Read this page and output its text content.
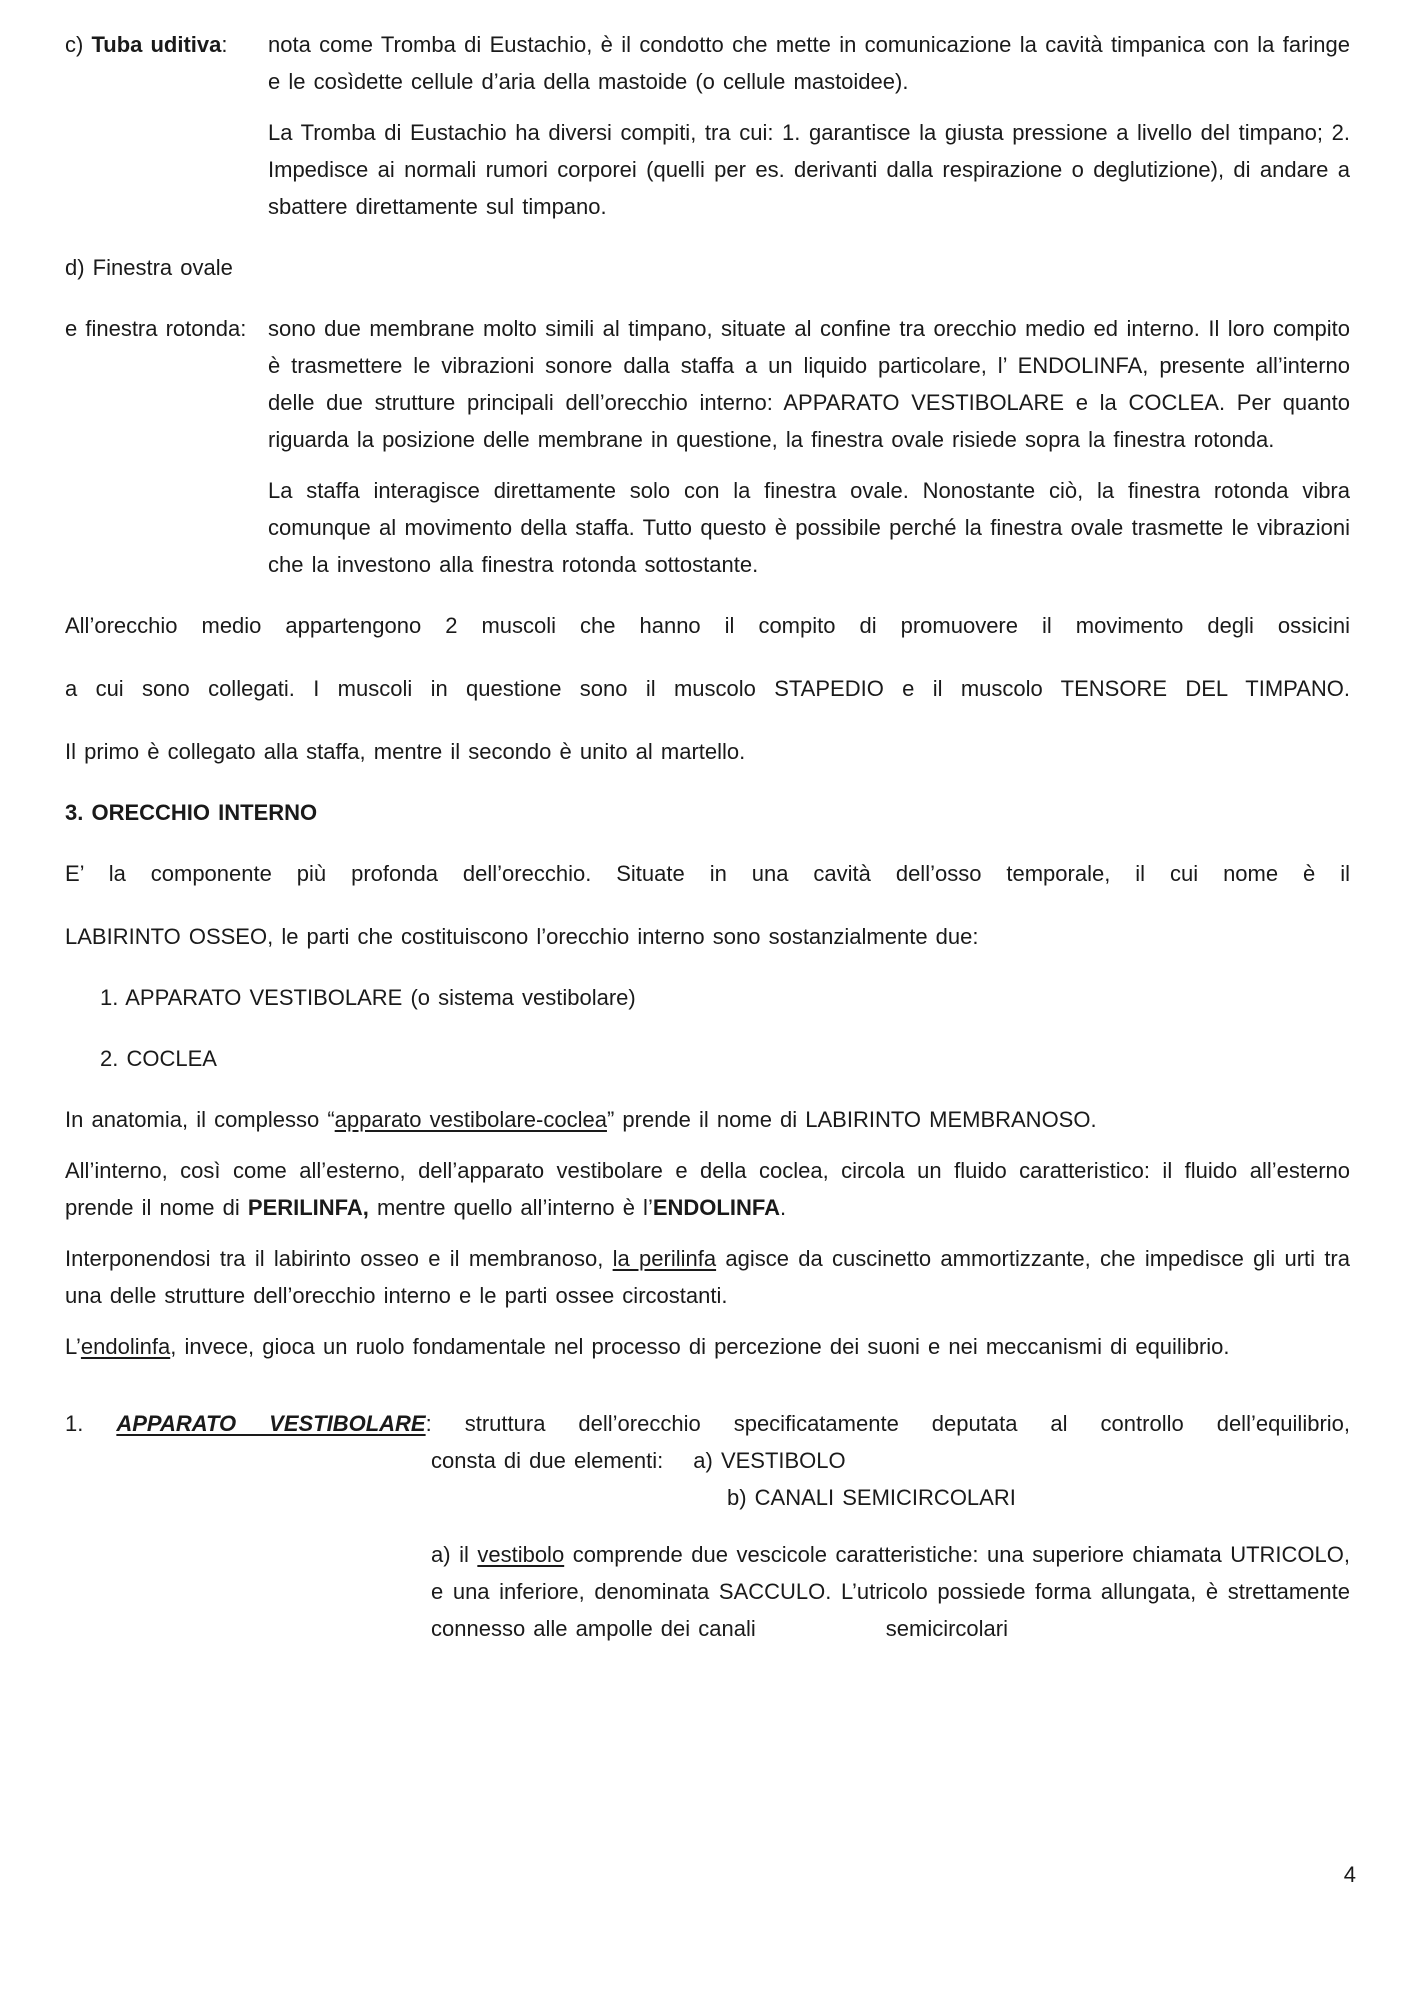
c) Tuba uditiva: nota come Tromba di Eustachio, è il condotto che mette in comunicazione la cavità timpanica con la faringe e le cosìdette cellule d’aria della mastoide (o cellule mastoidee).
La Tromba di Eustachio ha diversi compiti, tra cui: 1. garantisce la giusta pressione a livello del timpano; 2. Impedisce ai normali rumori corporei (quelli per es. derivanti dalla respirazione o deglutizione), di andare a sbattere direttamente sul timpano.
d) Finestra ovale
e finestra rotonda: sono due membrane molto simili al timpano, situate al confine tra orecchio medio ed interno. Il loro compito è trasmettere le vibrazioni sonore dalla staffa a un liquido particolare, l’ ENDOLINFA, presente all’interno delle due strutture principali dell’orecchio interno: APPARATO VESTIBOLARE e la COCLEA. Per quanto riguarda la posizione delle membrane in questione, la finestra ovale risiede sopra la finestra rotonda.
La staffa interagisce direttamente solo con la finestra ovale. Nonostante ciò, la finestra rotonda vibra comunque al movimento della staffa. Tutto questo è possibile perché la finestra ovale trasmette le vibrazioni che la investono alla finestra rotonda sottostante.
All’orecchio medio appartengono 2 muscoli che hanno il compito di promuovere il movimento degli ossicini
a cui sono collegati. I muscoli in questione sono il muscolo STAPEDIO e il muscolo TENSORE DEL TIMPANO.
Il primo è collegato alla staffa, mentre il secondo è unito al martello.
3. ORECCHIO INTERNO
E’ la componente più profonda dell’orecchio. Situate in una cavità dell’osso temporale, il cui nome è il
LABIRINTO OSSEO, le parti che costituiscono l’orecchio interno sono sostanzialmente due:
1. APPARATO VESTIBOLARE (o sistema vestibolare)
2. COCLEA
In anatomia, il complesso “apparato vestibolare-coclea” prende il nome di LABIRINTO MEMBRANOSO.
All’interno, così come all’esterno, dell’apparato vestibolare e della coclea, circola un fluido caratteristico: il fluido all’esterno prende il nome di PERILINFA, mentre quello all’interno è l’ENDOLINFA.
Interponendosi tra il labirinto osseo e il membranoso, la perilinfa agisce da cuscinetto ammortizzante, che impedisce gli urti tra una delle strutture dell’orecchio interno e le parti ossee circostanti.
L’endolinfa, invece, gioca un ruolo fondamentale nel processo di percezione dei suoni e nei meccanismi di equilibrio.
1. APPARATO VESTIBOLARE: struttura dell’orecchio specificatamente deputata al controllo dell’equilibrio,
consta di due elementi: a) VESTIBOLO
b) CANALI SEMICIRCOLARI
a) il vestibolo comprende due vescicole caratteristiche: una superiore chiamata UTRICOLO, e una inferiore, denominata SACCULO. L’utricolo possiede forma allungata, è strettamente connesso alle ampolle dei canali	semicircolari
4
